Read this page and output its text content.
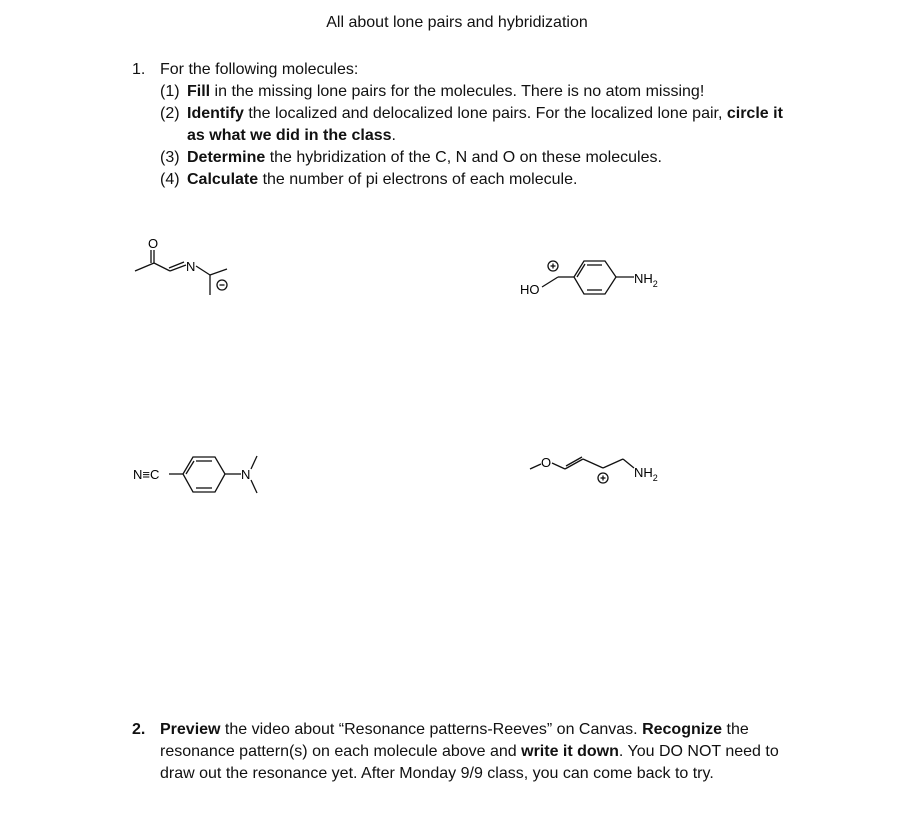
All about lone pairs and hybridization
1. For the following molecules:
(1) Fill in the missing lone pairs for the molecules. There is no atom missing!
(2) Identify the localized and delocalized lone pairs. For the localized lone pair, circle it as what we did in the class.
(3) Determine the hybridization of the C, N and O on these molecules.
(4) Calculate the number of pi electrons of each molecule.
O
N
HO
$NH_2$
N≡C	N
O
$NH_2$
2. Preview the video about “Resonance patterns-Reeves” on Canvas. Recognize the resonance pattern(s) on each molecule above and write it down. You DO NOT need to draw out the resonance yet. After Monday 9/9 class, you can come back to try.
